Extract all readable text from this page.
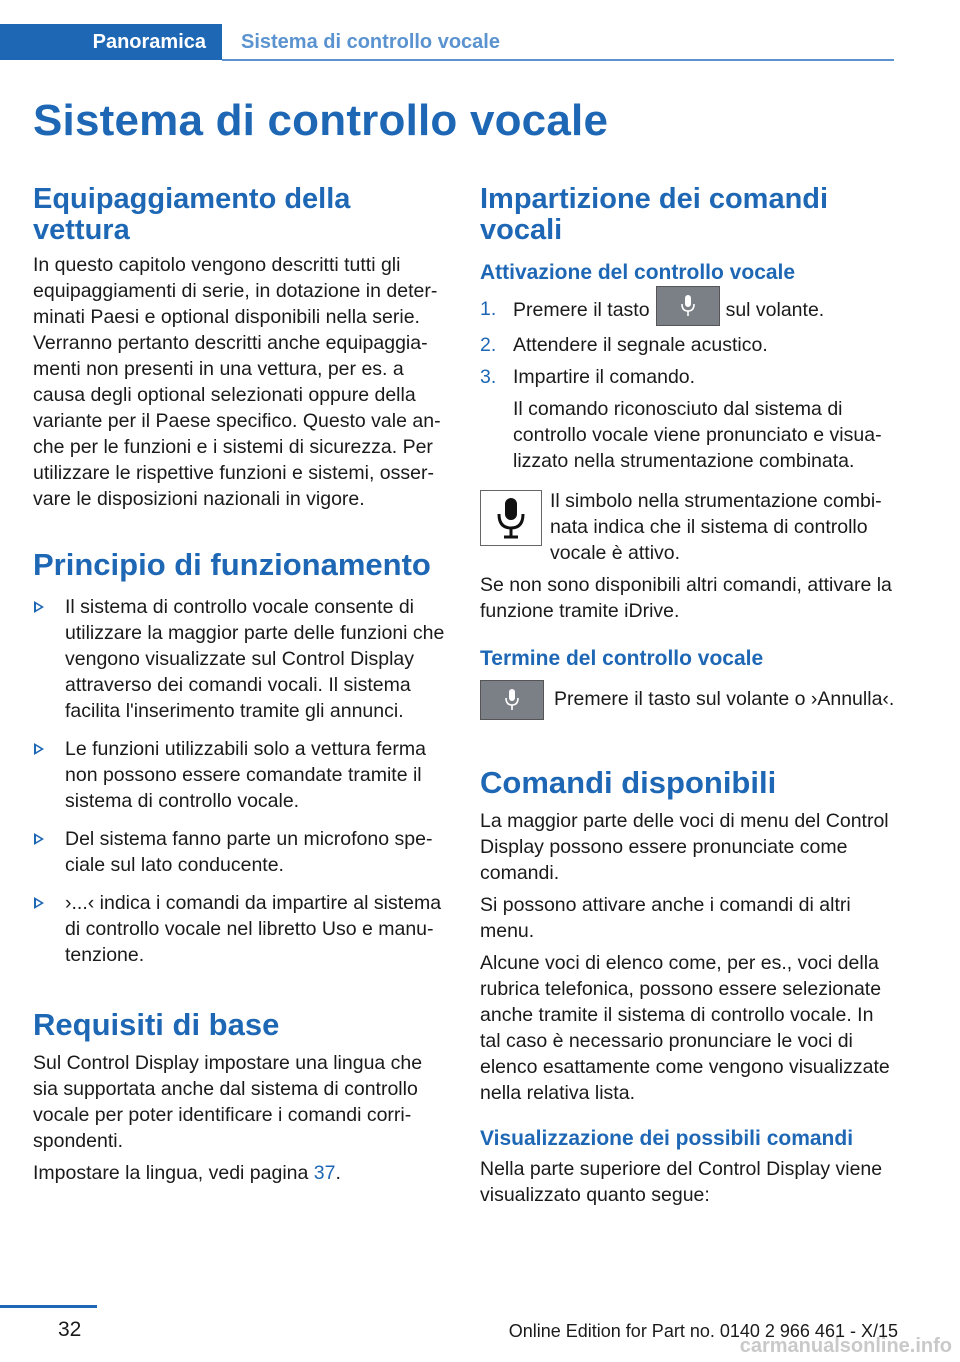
Panoramica	Sistema di controllo vocale
Sistema di controllo vocale
Equipaggiamento della vettura

In questo capitolo vengono descritti tutti gli equipaggiamenti di serie, in dotazione in determinati Paesi e optional disponibili nella serie. Verranno pertanto descritti anche equipaggiamenti non presenti in una vettura, per es. a causa degli optional selezionati oppure della variante per il Paese specifico. Questo vale anche per le funzioni e i sistemi di sicurezza. Per utilizzare le rispettive funzioni e sistemi, osservare le disposizioni nazionali in vigore.

Principio di funzionamento
Il sistema di controllo vocale consente di utilizzare la maggior parte delle funzioni che vengono visualizzate sul Control Display attraverso dei comandi vocali. Il sistema facilita l'inserimento tramite gli annunci.
Le funzioni utilizzabili solo a vettura ferma non possono essere comandate tramite il sistema di controllo vocale.
Del sistema fanno parte un microfono speciale sul lato conducente.
›...‹ indica i comandi da impartire al sistema di controllo vocale nel libretto Uso e manutenzione.
Requisiti di base

Sul Control Display impostare una lingua che sia supportata anche dal sistema di controllo vocale per poter identificare i comandi corrispondenti.

Impostare la lingua, vedi pagina 37.

Impartizione dei comandi vocali
Attivazione del controllo vocale
1. Premere il tasto	sul volante.
2. Attendere il segnale acustico.
3. Impartire il comando.

Il comando riconosciuto dal sistema di controllo vocale viene pronunciato e visualizzato nella strumentazione combinata.

Il simbolo nella strumentazione combinata indica che il sistema di controllo vocale è attivo.

Se non sono disponibili altri comandi, attivare la funzione tramite iDrive.

Termine del controllo vocale

Premere il tasto sul volante o ›Annulla‹.

Comandi disponibili

La maggior parte delle voci di menu del Control Display possono essere pronunciate come comandi.

Si possono attivare anche i comandi di altri menu.

Alcune voci di elenco come, per es., voci della rubrica telefonica, possono essere selezionate anche tramite il sistema di controllo vocale. In tal caso è necessario pronunciare le voci di elenco esattamente come vengono visualizzate nella relativa lista.

Visualizzazione dei possibili comandi

Nella parte superiore del Control Display viene visualizzato quanto segue:

32	Online Edition for Part no. 0140 2 966 461 - X/15
carmanualsonline.info
